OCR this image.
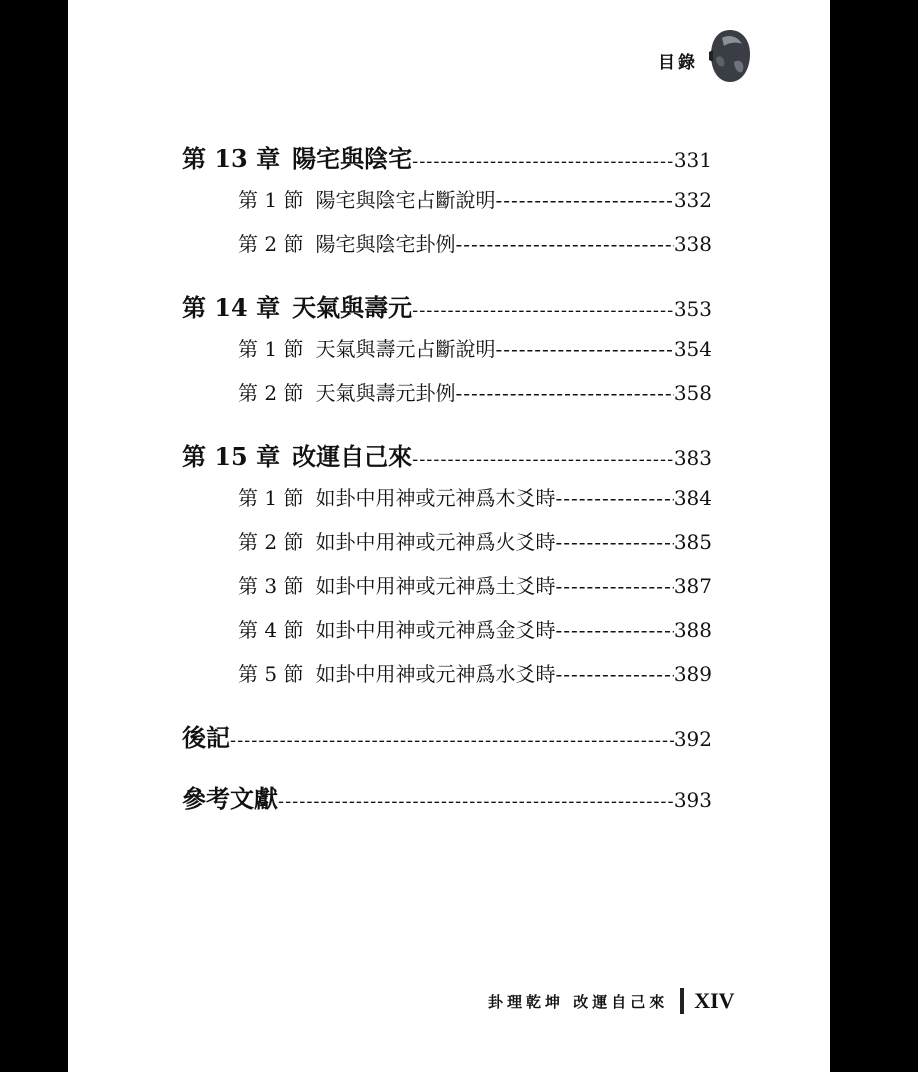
目錄
第 13 章 陽宅與陰宅 -----	331
第 1 節 陽宅與陰宅占斷說明 -----	332
第 2 節 陽宅與陰宅卦例 -----	338
第 14 章 天氣與壽元 -----	353
第 1 節 天氣與壽元占斷說明 -----	354
第 2 節 天氣與壽元卦例 -----	358
第 15 章 改運自己來 -----	383
第 1 節 如卦中用神或元神爲木爻時 -----	384
第 2 節 如卦中用神或元神爲火爻時 -----	385
第 3 節 如卦中用神或元神爲土爻時 -----	387
第 4 節 如卦中用神或元神爲金爻時 -----	388
第 5 節 如卦中用神或元神爲水爻時 -----	389
後記 -----	392
參考文獻 -----	393
卦理乾坤 改運自己來 XIV
